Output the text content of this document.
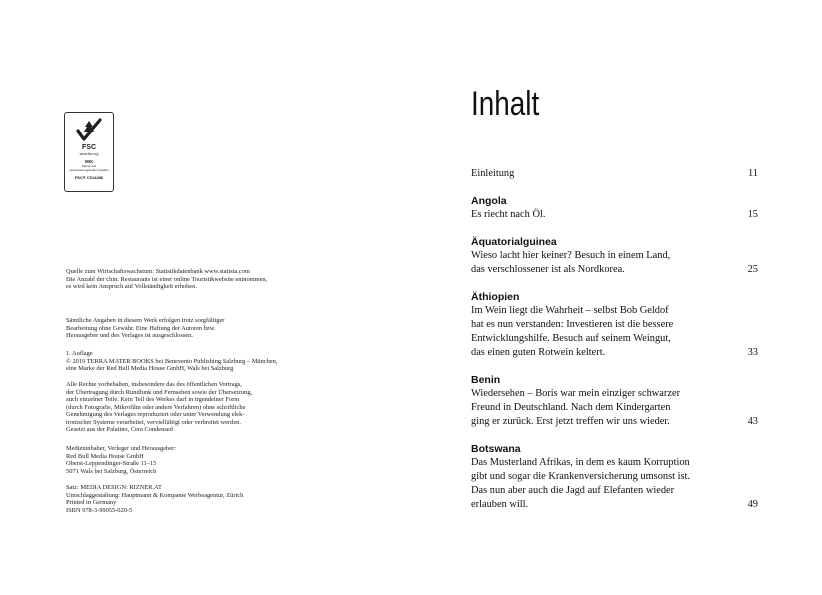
FSC
www.fsc.org
MIX
Papier aus verantwortungsvollen Quellen
FSC® C014496

Quelle zum Wirtschaftswachstum: Statistikdatenbank www.statista.com
Die Anzahl der chin. Restaurants ist einer online Touristikwebsite entnommen,
es wird kein Anspruch auf Vollständigkeit erhoben.

Sämtliche Angaben in diesem Werk erfolgen trotz sorgfältiger
Bearbeitung ohne Gewähr. Eine Haftung der Autoren bzw.
Herausgeber und des Verlages ist ausgeschlossen.

1. Auflage
© 2019 TERRA MATER BOOKS bei Benevento Publishing Salzburg – München,
eine Marke der Red Bull Media House GmbH, Wals bei Salzburg

Alle Rechte vorbehalten, insbesondere das des öffentlichen Vortrags,
der Übertragung durch Rundfunk und Fernsehen sowie der Übersetzung,
auch einzelner Teile. Kein Teil des Werkes darf in irgendeiner Form
(durch Fotografie, Mikrofilm oder andere Verfahren) ohne schriftliche
Genehmigung des Verlages reproduziert oder unter Verwendung elek-
tronischer Systeme verarbeitet, vervielfältigt oder verbreitet werden.
Gesetzt aus der Palatino, Cera Condensed

Medieninhaber, Verleger und Herausgeber:
Red Bull Media House GmbH
Oberst-Leppendinger-Straße 11–15
5071 Wals bei Salzburg, Österreich

Satz: MEDIA DESIGN: RIZNER.AT
Umschlaggestaltung: Hauptmann & Kompanie Werbeagentur, Zürich
Printed in Germany
ISBN 978-3-99055-020-5

Inhalt
Einleitung	11
Angola
Es riecht nach Öl.	15
Äquatorialguinea
Wieso lacht hier keiner? Besuch in einem Land,
das verschlossener ist als Nordkorea.	25
Äthiopien
Im Wein liegt die Wahrheit – selbst Bob Geldof
hat es nun verstanden: Investieren ist die bessere
Entwicklungshilfe. Besuch auf seinem Weingut,
das einen guten Rotwein keltert.	33
Benin
Wiedersehen – Boris war mein einziger schwarzer
Freund in Deutschland. Nach dem Kindergarten
ging er zurück. Erst jetzt treffen wir uns wieder.	43
Botswana
Das Musterland Afrikas, in dem es kaum Korruption
gibt und sogar die Krankenversicherung umsonst ist.
Das nun aber auch die Jagd auf Elefanten wieder
erlauben will.	49
